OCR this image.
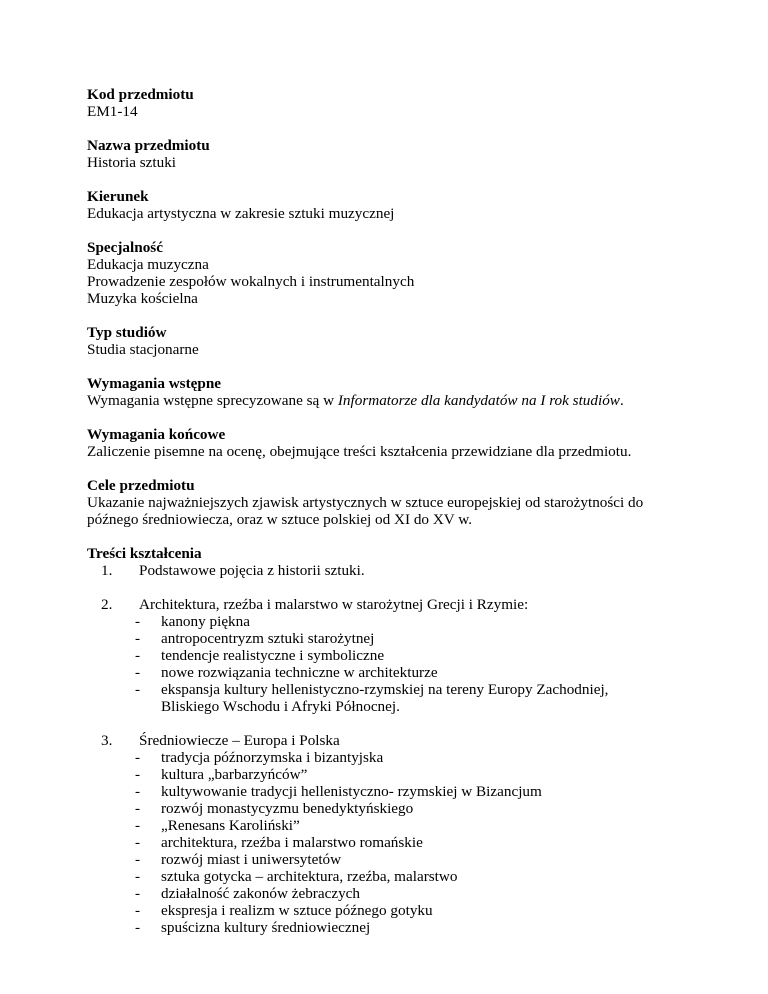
Kod przedmiotu
EM1-14
Nazwa przedmiotu
Historia sztuki
Kierunek
Edukacja artystyczna w zakresie sztuki muzycznej
Specjalność
Edukacja muzyczna
Prowadzenie zespołów wokalnych i instrumentalnych
Muzyka kościelna
Typ studiów
Studia stacjonarne
Wymagania wstępne
Wymagania wstępne sprecyzowane są w Informatorze dla kandydatów na I rok studiów.
Wymagania końcowe
Zaliczenie pisemne na ocenę, obejmujące treści kształcenia przewidziane dla przedmiotu.
Cele przedmiotu
Ukazanie najważniejszych zjawisk artystycznych w sztuce europejskiej od starożytności do
późnego średniowiecza, oraz w sztuce polskiej od XI do XV w.
Treści kształcenia
1. Podstawowe pojęcia z historii sztuki.
2. Architektura, rzeźba i malarstwo w starożytnej Grecji i Rzymie:
- kanony piękna
- antropocentryzm sztuki starożytnej
- tendencje realistyczne i symboliczne
- nowe rozwiązania techniczne w architekturze
- ekspansja kultury hellenistyczno-rzymskiej na tereny Europy Zachodniej, Bliskiego Wschodu i Afryki Północnej.
3. Średniowiecze – Europa i Polska
- tradycja późnorzymska i bizantyjska
- kultura „barbarzyńców”
- kultywowanie tradycji hellenistyczno- rzymskiej w Bizancjum
- rozwój monastycyzmu benedyktyńskiego
- „Renesans Karoliński”
- architektura, rzeźba i malarstwo romańskie
- rozwój miast i uniwersytetów
- sztuka gotycka – architektura, rzeźba, malarstwo
- działalność zakonów żebraczych
- ekspresja i realizm w sztuce późnego gotyku
- spuścizna kultury średniowiecznej
